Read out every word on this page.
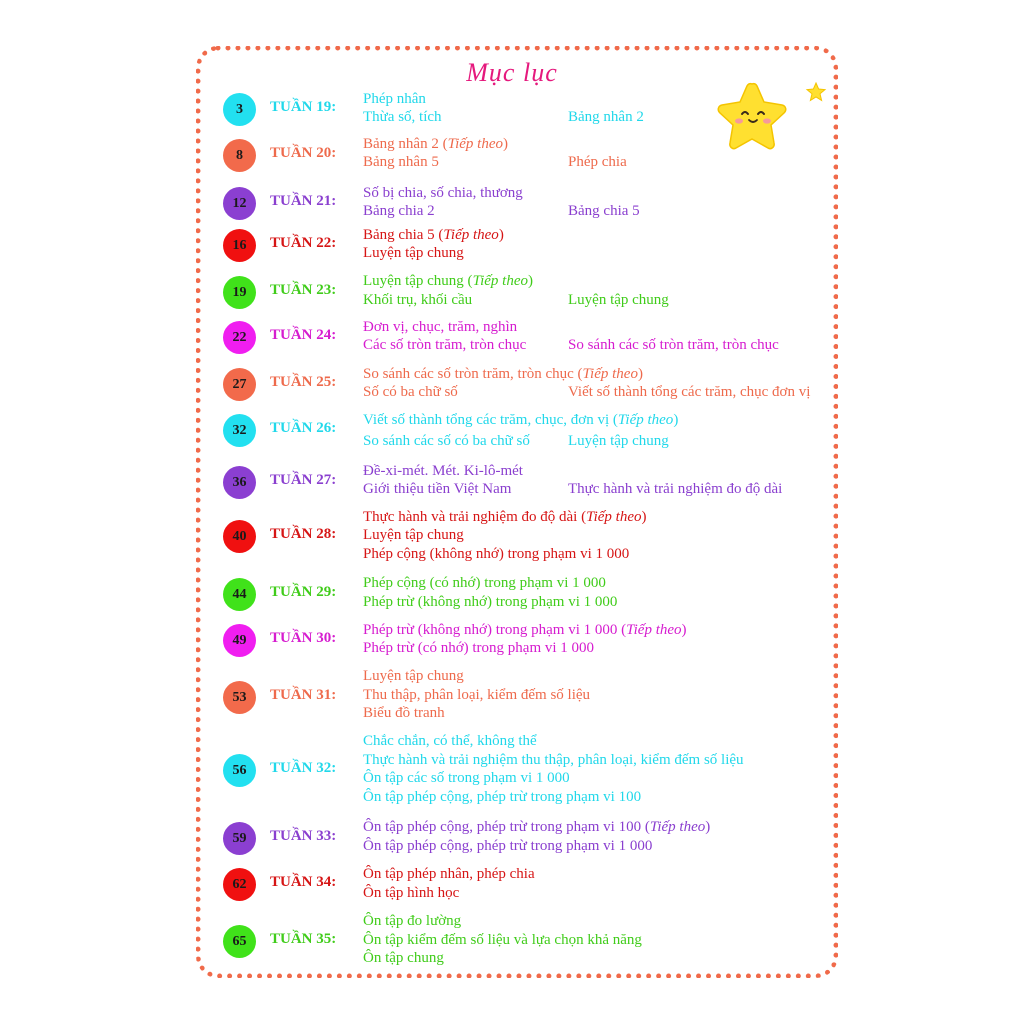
Mục lục
3	TUẦN 19: Phép nhân
Thừa số, tích	Bảng nhân 2
8	TUẦN 20:
Bảng nhân 2 (Tiếp theo)
Bảng nhân 5	Phép chia
12	TUẦN 21: Số bị chia, số chia, thương
Bảng chia 2	Bảng chia 5
16	TUẦN 22: Bảng chia 5 (Tiếp theo)
Luyện tập chung
19	TUẦN 23:
Luyện tập chung (Tiếp theo)
Khối trụ, khối cầu	Luyện tập chung
22	TUẦN 24: Đơn vị, chục, trăm, nghìn
Các số tròn trăm, tròn chục	So sánh các số tròn trăm, tròn chục
27	TUẦN 25: So sánh các số tròn trăm, tròn chục (Tiếp theo)
Số có ba chữ số	Viết số thành tổng các trăm, chục đơn vị
32	TUẦN 26: Viết số thành tổng các trăm, chục, đơn vị (Tiếp theo)
So sánh các số có ba chữ số	Luyện tập chung
36	TUẦN 27:
Đề-xi-mét. Mét. Ki-lô-mét
Giới thiệu tiền Việt Nam	Thực hành và trải nghiệm đo độ dài
40	TUẦN 28:
Thực hành và trải nghiệm đo độ dài (Tiếp theo)
Luyện tập chung
Phép cộng (không nhớ) trong phạm vi 1 000
44	TUẦN 29:
Phép cộng (có nhớ) trong phạm vi 1 000
Phép trừ (không nhớ) trong phạm vi 1 000
49	TUẦN 30: Phép trừ (không nhớ) trong phạm vi 1 000 (Tiếp theo)
Phép trừ (có nhớ) trong phạm vi 1 000
53	TUẦN 31:
Luyện tập chung
Thu thập, phân loại, kiểm đếm số liệu
Biểu đồ tranh
56	TUẦN 32:
Chắc chắn, có thể, không thể
Thực hành và trải nghiệm thu thập, phân loại, kiểm đếm số liệu
Ôn tập các số trong phạm vi 1 000
Ôn tập phép cộng, phép trừ trong phạm vi 100
59	TUẦN 33:
Ôn tập phép cộng, phép trừ trong phạm vi 100 (Tiếp theo)
Ôn tập phép cộng, phép trừ trong phạm vi 1 000
62	TUẦN 34: Ôn tập phép nhân, phép chia
Ôn tập hình học
65	TUẦN 35:
Ôn tập đo lường
Ôn tập kiểm đếm số liệu và lựa chọn khả năng
Ôn tập chung
